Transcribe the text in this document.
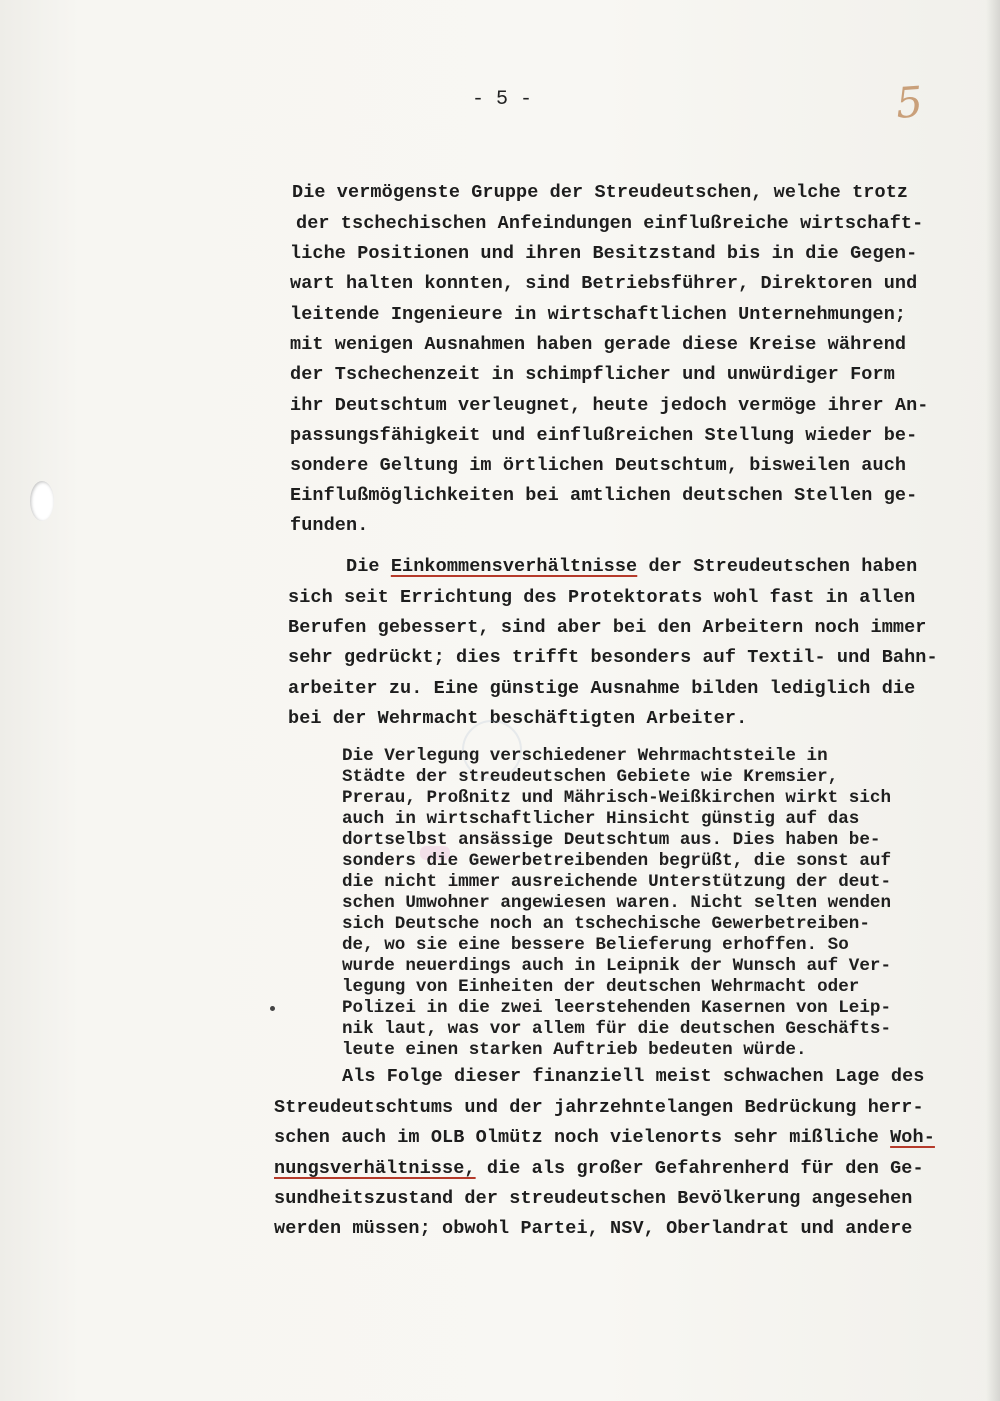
- 5 -	5
Die vermögenste Gruppe der Streudeutschen, welche trotz
der tschechischen Anfeindungen einflußreiche wirtschaft-
liche Positionen und ihren Besitzstand bis in die Gegen-
wart halten konnten, sind Betriebsführer, Direktoren und
leitende Ingenieure in wirtschaftlichen Unternehmungen;
mit wenigen Ausnahmen haben gerade diese Kreise während
der Tschechenzeit in schimpflicher und unwürdiger Form
ihr Deutschtum verleugnet, heute jedoch vermöge ihrer An-
passungsfähigkeit und einflußreichen Stellung wieder be-
sondere Geltung im örtlichen Deutschtum, bisweilen auch
Einflußmöglichkeiten bei amtlichen deutschen Stellen ge-
funden.
Die Einkommensverhältnisse der Streudeutschen haben
sich seit Errichtung des Protektorats wohl fast in allen
Berufen gebessert, sind aber bei den Arbeitern noch immer
sehr gedrückt; dies trifft besonders auf Textil- und Bahn-
arbeiter zu. Eine günstige Ausnahme bilden lediglich die
bei der Wehrmacht beschäftigten Arbeiter.
Die Verlegung verschiedener Wehrmachtsteile in
Städte der streudeutschen Gebiete wie Kremsier,
Prerau, Proßnitz und Mährisch-Weißkirchen wirkt sich
auch in wirtschaftlicher Hinsicht günstig auf das
dortselbst ansässige Deutschtum aus. Dies haben be-
sonders die Gewerbetreibenden begrüßt, die sonst auf
die nicht immer ausreichende Unterstützung der deut-
schen Umwohner angewiesen waren. Nicht selten wenden
sich Deutsche noch an tschechische Gewerbetreiben-
de, wo sie eine bessere Belieferung erhoffen. So
wurde neuerdings auch in Leipnik der Wunsch auf Ver-
legung von Einheiten der deutschen Wehrmacht oder
Polizei in die zwei leerstehenden Kasernen von Leip-
nik laut, was vor allem für die deutschen Geschäfts-
leute einen starken Auftrieb bedeuten würde.
Als Folge dieser finanziell meist schwachen Lage des
Streudeutschtums und der jahrzehntelangen Bedrückung herr-
schen auch im OLB Olmütz noch vielenorts sehr mißliche Woh-
nungsverhältnisse, die als großer Gefahrenherd für den Ge-
sundheitszustand der streudeutschen Bevölkerung angesehen
werden müssen; obwohl Partei, NSV, Oberlandrat und andere
